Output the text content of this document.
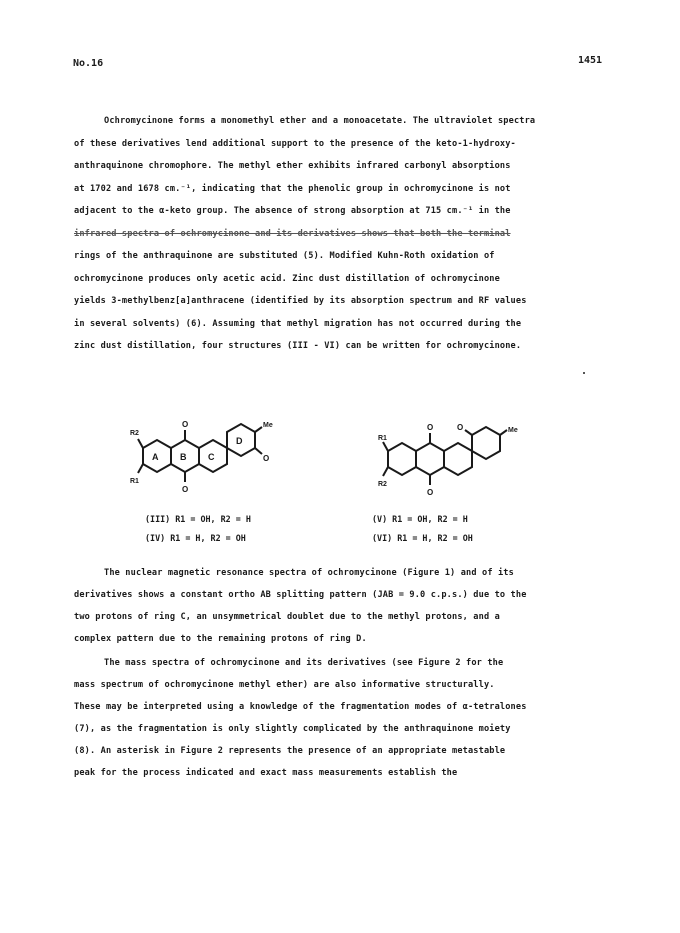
No.16	1451
Ochromycinone forms a monomethyl ether and a monoacetate. The ultraviolet spectra
of these derivatives lend additional support to the presence of the keto-1-hydroxy-
anthraquinone chromophore. The methyl ether exhibits infrared carbonyl absorptions
at 1702 and 1678 cm.⁻¹, indicating that the phenolic group in ochromycinone is not
adjacent to the α-keto group. The absence of strong absorption at 715 cm.⁻¹ in the
infrared spectra of ochromycinone and its derivatives shows that both the terminal
rings of the anthraquinone are substituted (5). Modified Kuhn-Roth oxidation of
ochromycinone produces only acetic acid. Zinc dust distillation of ochromycinone
yields 3-methylbenz[a]anthracene (identified by its absorption spectrum and RF values
in several solvents) (6). Assuming that methyl migration has not occurred during the
zinc dust distillation, four structures (III - VI) can be written for ochromycinone.
A B C
D
O
O
O
R2
R1
Me	O
O
O
R1
R2
Me
(III) R1 = OH, R2 = H
(IV) R1 = H, R2 = OH
(V) R1 = OH, R2 = H
(VI) R1 = H, R2 = OH
The nuclear magnetic resonance spectra of ochromycinone (Figure 1) and of its
derivatives shows a constant ortho AB splitting pattern (JAB = 9.0 c.p.s.) due to the
two protons of ring C, an unsymmetrical doublet due to the methyl protons, and a
complex pattern due to the remaining protons of ring D.
The mass spectra of ochromycinone and its derivatives (see Figure 2 for the
mass spectrum of ochromycinone methyl ether) are also informative structurally.
These may be interpreted using a knowledge of the fragmentation modes of α-tetralones
(7), as the fragmentation is only slightly complicated by the anthraquinone moiety
(8). An asterisk in Figure 2 represents the presence of an appropriate metastable
peak for the process indicated and exact mass measurements establish the
